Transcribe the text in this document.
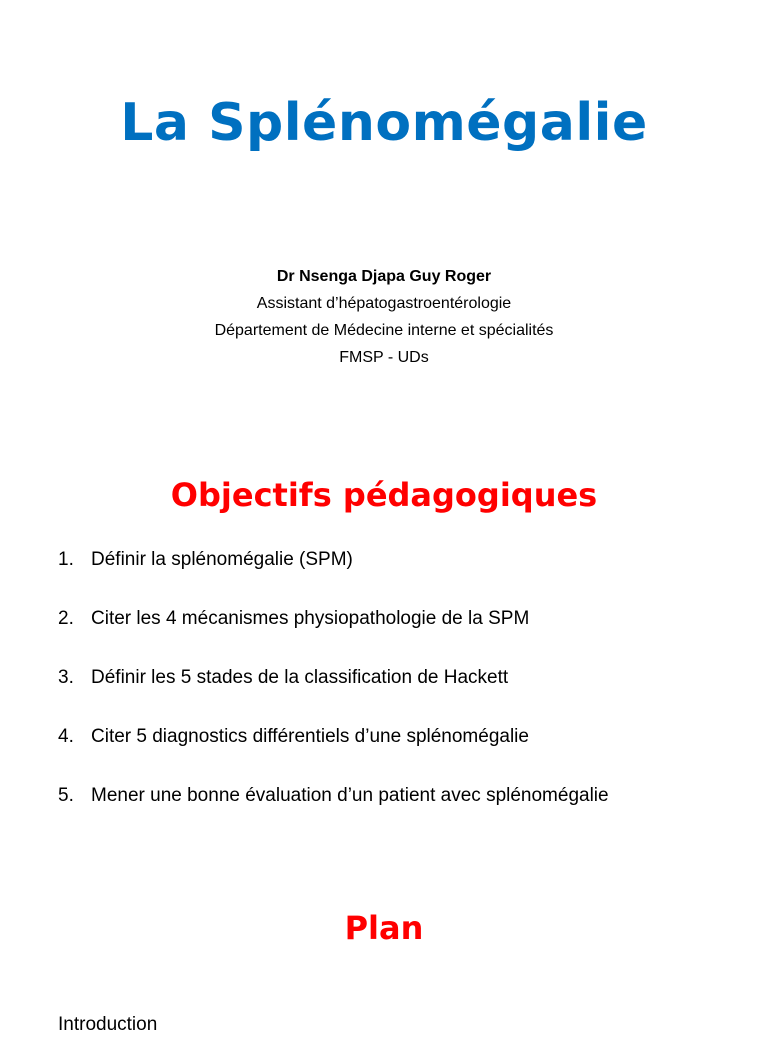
La Splénomégalie
Dr Nsenga Djapa Guy Roger
Assistant d’hépatogastroentérologie
Département de Médecine interne et spécialités
FMSP - UDs
Objectifs pédagogiques
1. Définir la splénomégalie (SPM)
2. Citer les 4 mécanismes physiopathologie de la SPM
3. Définir les 5 stades de la classification de Hackett
4. Citer 5 diagnostics différentiels d’une splénomégalie
5. Mener une bonne évaluation d’un patient avec splénomégalie
Plan
Introduction
